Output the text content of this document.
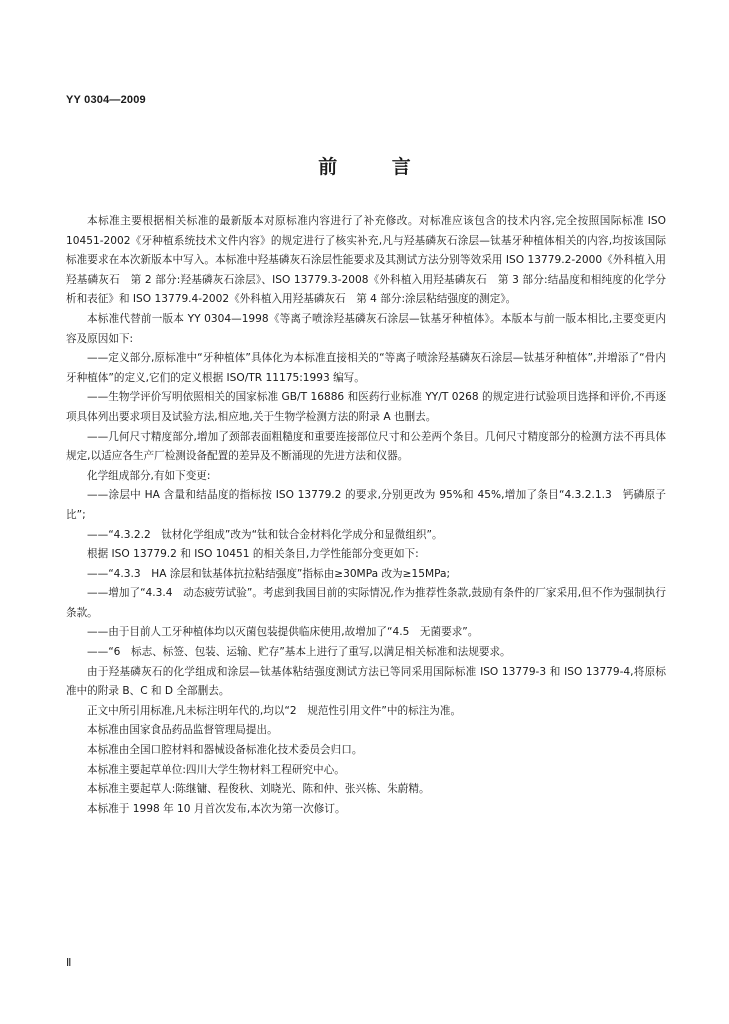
YY 0304—2009
前 言

本标准主要根据相关标准的最新版本对原标准内容进行了补充修改。对标准应该包含的技术内容,完全按照国际标准 ISO 10451-2002《牙种植系统技术文件内容》的规定进行了核实补充,凡与羟基磷灰石涂层—钛基牙种植体相关的内容,均按该国际标准要求在本次新版本中写入。本标准中羟基磷灰石涂层性能要求及其测试方法分别等效采用 ISO 13779.2-2000《外科植入用羟基磷灰石　第 2 部分:羟基磷灰石涂层》、ISO 13779.3-2008《外科植入用羟基磷灰石　第 3 部分:结晶度和相纯度的化学分析和表征》和 ISO 13779.4-2002《外科植入用羟基磷灰石　第 4 部分:涂层粘结强度的测定》。

本标准代替前一版本 YY 0304—1998《等离子喷涂羟基磷灰石涂层—钛基牙种植体》。本版本与前一版本相比,主要变更内容及原因如下:

——定义部分,原标准中“牙种植体”具体化为本标准直接相关的“等离子喷涂羟基磷灰石涂层—钛基牙种植体”,并增添了“骨内牙种植体”的定义,它们的定义根据 ISO/TR 11175:1993 编写。

——生物学评价写明依照相关的国家标准 GB/T 16886 和医药行业标准 YY/T 0268 的规定进行试验项目选择和评价,不再逐项具体列出要求项目及试验方法,相应地,关于生物学检测方法的附录 A 也删去。

——几何尺寸精度部分,增加了颈部表面粗糙度和重要连接部位尺寸和公差两个条目。几何尺寸精度部分的检测方法不再具体规定,以适应各生产厂检测设备配置的差异及不断涌现的先进方法和仪器。

化学组成部分,有如下变更:

——涂层中 HA 含量和结晶度的指标按 ISO 13779.2 的要求,分别更改为 95%和 45%,增加了条目“4.3.2.1.3　钙磷原子比”;

——“4.3.2.2　钛材化学组成”改为“钛和钛合金材料化学成分和显微组织”。

根据 ISO 13779.2 和 ISO 10451 的相关条目,力学性能部分变更如下:

——“4.3.3　HA 涂层和钛基体抗拉粘结强度”指标由≥30MPa 改为≥15MPa;

——增加了“4.3.4　动态疲劳试验”。考虑到我国目前的实际情况,作为推荐性条款,鼓励有条件的厂家采用,但不作为强制执行条款。

——由于目前人工牙种植体均以灭菌包装提供临床使用,故增加了“4.5　无菌要求”。

——“6　标志、标签、包装、运输、贮存”基本上进行了重写,以满足相关标准和法规要求。

由于羟基磷灰石的化学组成和涂层—钛基体粘结强度测试方法已等同采用国际标准 ISO 13779-3 和 ISO 13779-4,将原标准中的附录 B、C 和 D 全部删去。

正文中所引用标准,凡未标注明年代的,均以“2　规范性引用文件”中的标注为准。

本标准由国家食品药品监督管理局提出。

本标准由全国口腔材料和器械设备标准化技术委员会归口。

本标准主要起草单位:四川大学生物材料工程研究中心。

本标准主要起草人:陈继镛、程俊秋、刘晓光、陈和仲、张兴栋、朱蔚精。

本标准于 1998 年 10 月首次发布,本次为第一次修订。

Ⅱ
